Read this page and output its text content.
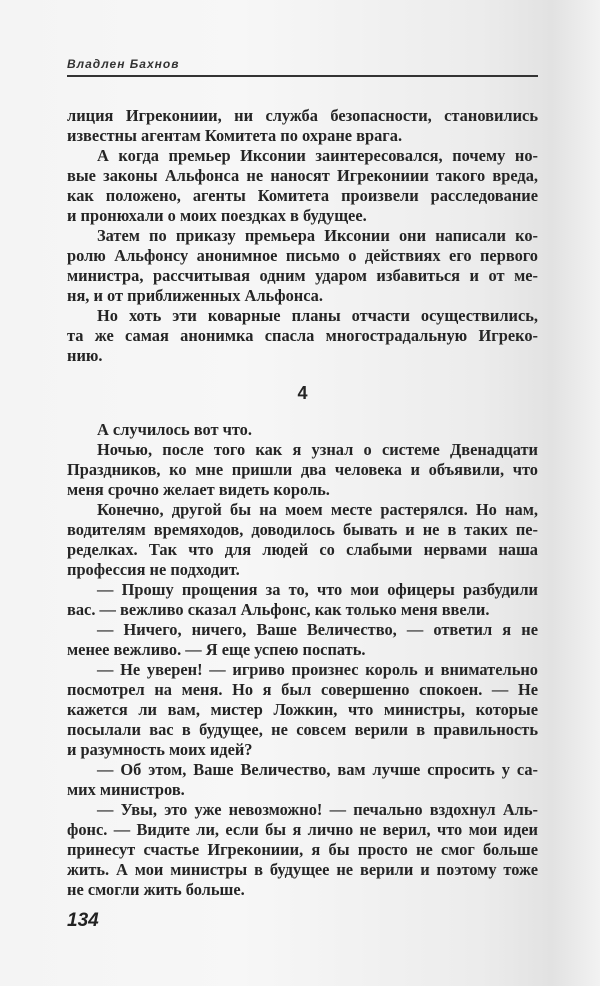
Владлен Бахнов
лиция Игрекониии, ни служба безопасности, становились
известны агентам Комитета по охране врага.
А когда премьер Иксонии заинтересовался, почему но-
вые законы Альфонса не наносят Игрекониии такого вреда,
как положено, агенты Комитета произвели расследование
и пронюхали о моих поездках в будущее.
Затем по приказу премьера Иксонии они написали ко-
ролю Альфонсу анонимное письмо о действиях его первого
министра, рассчитывая одним ударом избавиться и от ме-
ня, и от приближенных Альфонса.
Но хоть эти коварные планы отчасти осуществились,
та же самая анонимка спасла многострадальную Игреко-
нию.
4
А случилось вот что.
Ночью, после того как я узнал о системе Двенадцати
Праздников, ко мне пришли два человека и объявили, что
меня срочно желает видеть король.
Конечно, другой бы на моем месте растерялся. Но нам,
водителям времяходов, доводилось бывать и не в таких пе-
ределках. Так что для людей со слабыми нервами наша
профессия не подходит.
— Прошу прощения за то, что мои офицеры разбудили
вас. — вежливо сказал Альфонс, как только меня ввели.
— Ничего, ничего, Ваше Величество, — ответил я не
менее вежливо. — Я еще успею поспать.
— Не уверен! — игриво произнес король и внимательно
посмотрел на меня. Но я был совершенно спокоен. — Не
кажется ли вам, мистер Ложкин, что министры, которые
посылали вас в будущее, не совсем верили в правильность
и разумность моих идей?
— Об этом, Ваше Величество, вам лучше спросить у са-
мих министров.
— Увы, это уже невозможно! — печально вздохнул Аль-
фонс. — Видите ли, если бы я лично не верил, что мои идеи
принесут счастье Игрекониии, я бы просто не смог больше
жить. А мои министры в будущее не верили и поэтому тоже
не смогли жить больше.
134
